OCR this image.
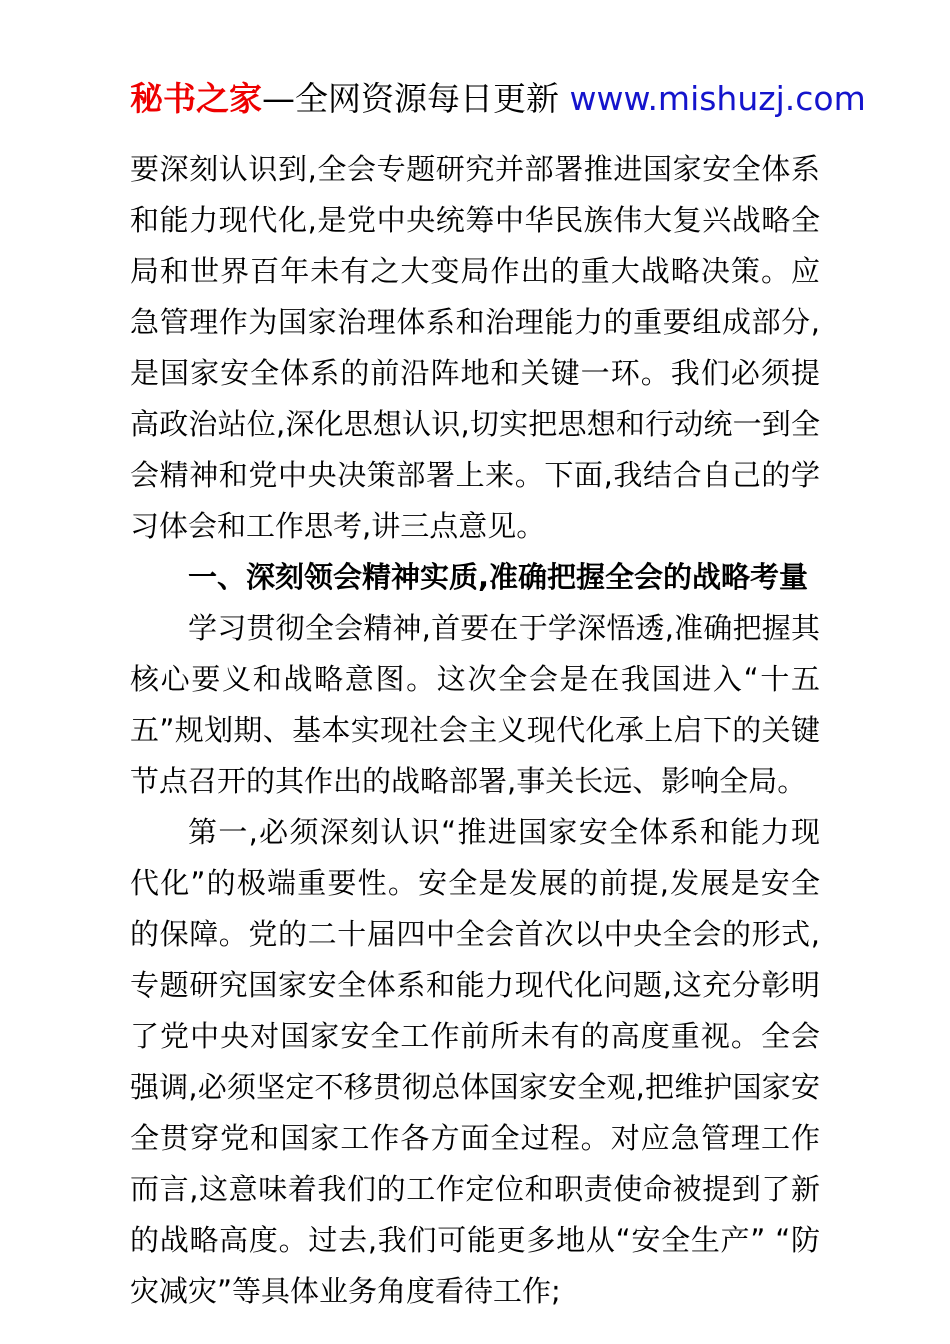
秘书之家—全网资源每日更新 www.mishuzj.com

要深刻认识到,全会专题研究并部署推进国家安全体系和能力现代化,是党中央统筹中华民族伟大复兴战略全局和世界百年未有之大变局作出的重大战略决策。应急管理作为国家治理体系和治理能力的重要组成部分,是国家安全体系的前沿阵地和关键一环。我们必须提高政治站位,深化思想认识,切实把思想和行动统一到全会精神和党中央决策部署上来。下面,我结合自己的学习体会和工作思考,讲三点意见。

一、深刻领会精神实质,准确把握全会的战略考量

学习贯彻全会精神,首要在于学深悟透,准确把握其核心要义和战略意图。这次全会是在我国进入“十五五”规划期、基本实现社会主义现代化承上启下的关键节点召开的其作出的战略部署,事关长远、影响全局。

第一,必须深刻认识“推进国家安全体系和能力现代化”的极端重要性。安全是发展的前提,发展是安全的保障。党的二十届四中全会首次以中央全会的形式,专题研究国家安全体系和能力现代化问题,这充分彰明了党中央对国家安全工作前所未有的高度重视。全会强调,必须坚定不移贯彻总体国家安全观,把维护国家安全贯穿党和国家工作各方面全过程。对应急管理工作而言,这意味着我们的工作定位和职责使命被提到了新的战略高度。过去,我们可能更多地从“安全生产” “防灾减灾”等具体业务角度看待工作;
